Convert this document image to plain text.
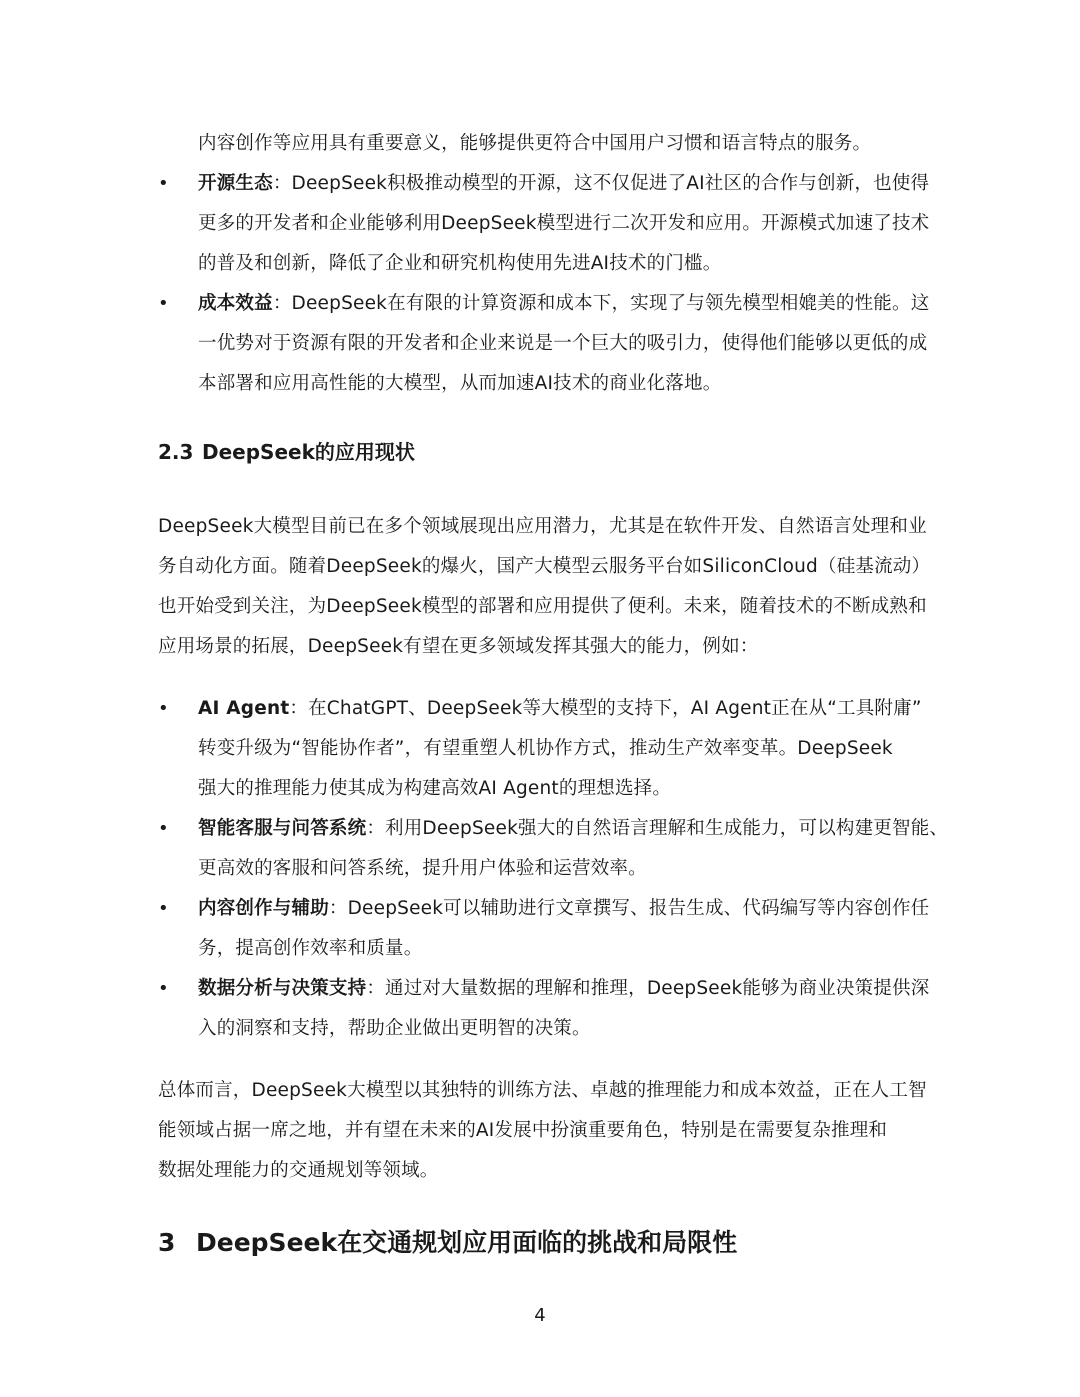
内容创作等应用具有重要意义，能够提供更符合中国用户习惯和语言特点的服务。
•	开源生态：DeepSeek积极推动模型的开源，这不仅促进了AI社区的合作与创新，也使得
更多的开发者和企业能够利用DeepSeek模型进行二次开发和应用。开源模式加速了技术
的普及和创新，降低了企业和研究机构使用先进AI技术的门槛。
•	成本效益：DeepSeek在有限的计算资源和成本下，实现了与领先模型相媲美的性能。这
一优势对于资源有限的开发者和企业来说是一个巨大的吸引力，使得他们能够以更低的成
本部署和应用高性能的大模型，从而加速AI技术的商业化落地。
2.3 DeepSeek的应用现状
DeepSeek大模型目前已在多个领域展现出应用潜力，尤其是在软件开发、自然语言处理和业
务自动化方面。随着DeepSeek的爆火，国产大模型云服务平台如SiliconCloud（硅基流动）
也开始受到关注，为DeepSeek模型的部署和应用提供了便利。未来，随着技术的不断成熟和
应用场景的拓展，DeepSeek有望在更多领域发挥其强大的能力，例如：
•	AI Agent：在ChatGPT、DeepSeek等大模型的支持下，AI Agent正在从“工具附庸”
转变升级为“智能协作者”，有望重塑人机协作方式，推动生产效率变革。DeepSeek
强大的推理能力使其成为构建高效AI Agent的理想选择。
•	智能客服与问答系统：利用DeepSeek强大的自然语言理解和生成能力，可以构建更智能、
更高效的客服和问答系统，提升用户体验和运营效率。
•	内容创作与辅助：DeepSeek可以辅助进行文章撰写、报告生成、代码编写等内容创作任
务，提高创作效率和质量。
•	数据分析与决策支持：通过对大量数据的理解和推理，DeepSeek能够为商业决策提供深
入的洞察和支持，帮助企业做出更明智的决策。
总体而言，DeepSeek大模型以其独特的训练方法、卓越的推理能力和成本效益，正在人工智
能领域占据一席之地，并有望在未来的AI发展中扮演重要角色，特别是在需要复杂推理和
数据处理能力的交通规划等领域。
3 DeepSeek在交通规划应用面临的挑战和局限性
4
